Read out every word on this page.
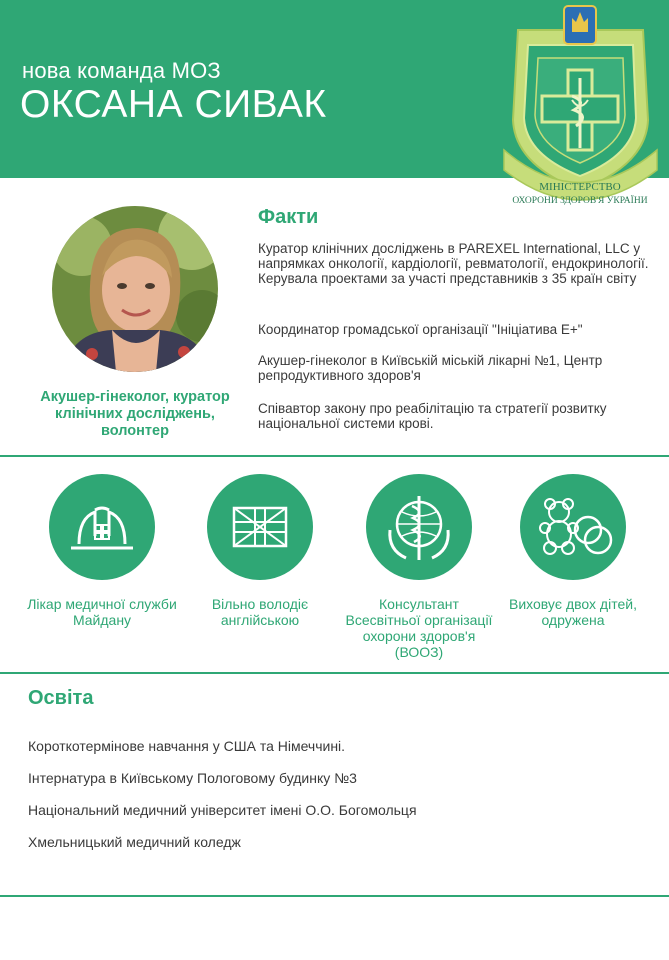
нова команда МОЗ
ОКСАНА СИВАК
МІНІСТЕРСТВО
ОХОРОНИ ЗДОРОВ'Я УКРАЇНИ
Акушер-гінеколог, куратор клінічних досліджень, волонтер
Факти
Куратор клінічних досліджень в PAREXEL International, LLC у напрямках онкології, кардіології, ревматології, ендокринології. Керувала проектами за участі представників з 35 країн світу
Координатор громадської організації "Ініціатива Е+"
Акушер-гінеколог в Київській міській лікарні №1, Центр репродуктивного здоров'я
Співавтор закону про реабілітацію та стратегії розвитку національної системи крові.
Лікар медичної служби Майдану
Вільно володіє англійською
Консультант Всесвітньої організації охорони здоров'я (ВООЗ)
Виховує двох дітей, одружена
Освіта
Короткотермінове навчання у США та Німеччині.
Інтернатура в Київському Пологовому будинку №3
Національний медичний університет імені О.О. Богомольця
Хмельницький медичний коледж
